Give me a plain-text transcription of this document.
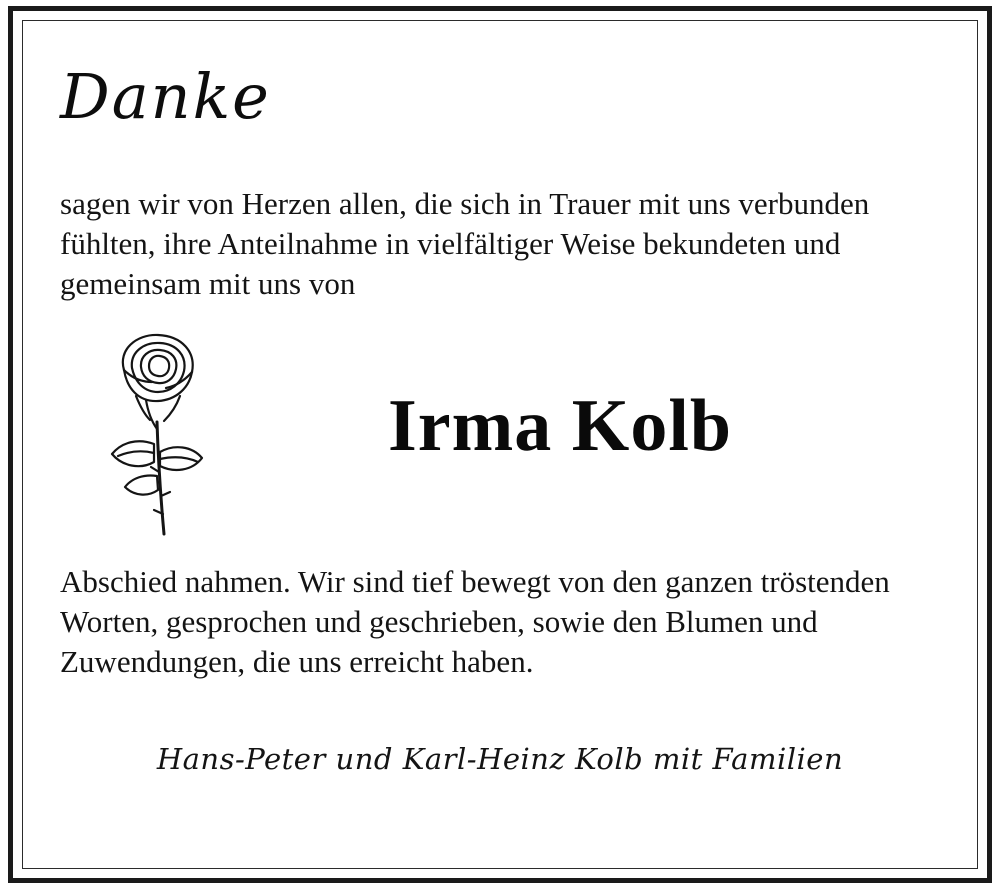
Danke

sagen wir von Herzen allen, die sich in Trauer mit uns verbunden fühlten, ihre Anteilnahme in vielfältiger Weise bekundeten und gemeinsam mit uns von

Irma Kolb

Abschied nahmen. Wir sind tief bewegt von den ganzen tröstenden Worten, gesprochen und geschrieben, sowie den Blumen und Zuwendungen, die uns erreicht haben.

Hans-Peter und Karl-Heinz Kolb mit Familien
